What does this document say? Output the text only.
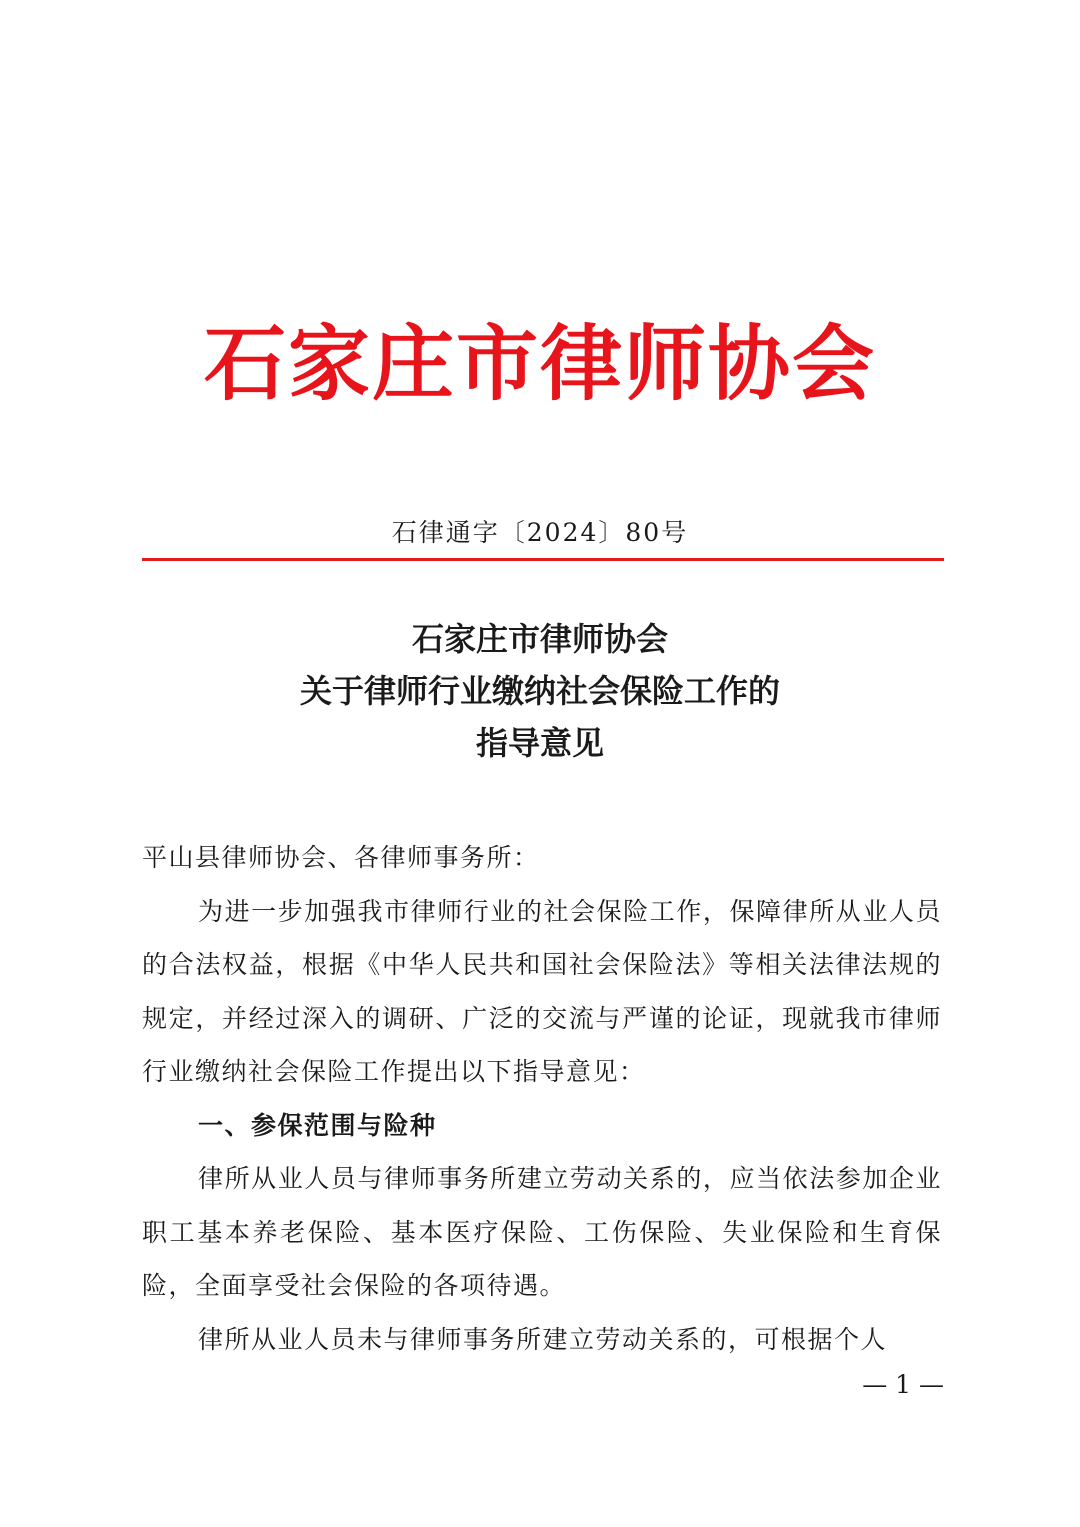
石家庄市律师协会
石律通字〔2024〕80号
石家庄市律师协会
关于律师行业缴纳社会保险工作的
指导意见

平山县律师协会、各律师事务所：

为进一步加强我市律师行业的社会保险工作，保障律所从业人员的合法权益，根据《中华人民共和国社会保险法》等相关法律法规的规定，并经过深入的调研、广泛的交流与严谨的论证，现就我市律师行业缴纳社会保险工作提出以下指导意见：

一、参保范围与险种

律所从业人员与律师事务所建立劳动关系的，应当依法参加企业职工基本养老保险、基本医疗保险、工伤保险、失业保险和生育保险，全面享受社会保险的各项待遇。

律所从业人员未与律师事务所建立劳动关系的，可根据个人

— 1 —
